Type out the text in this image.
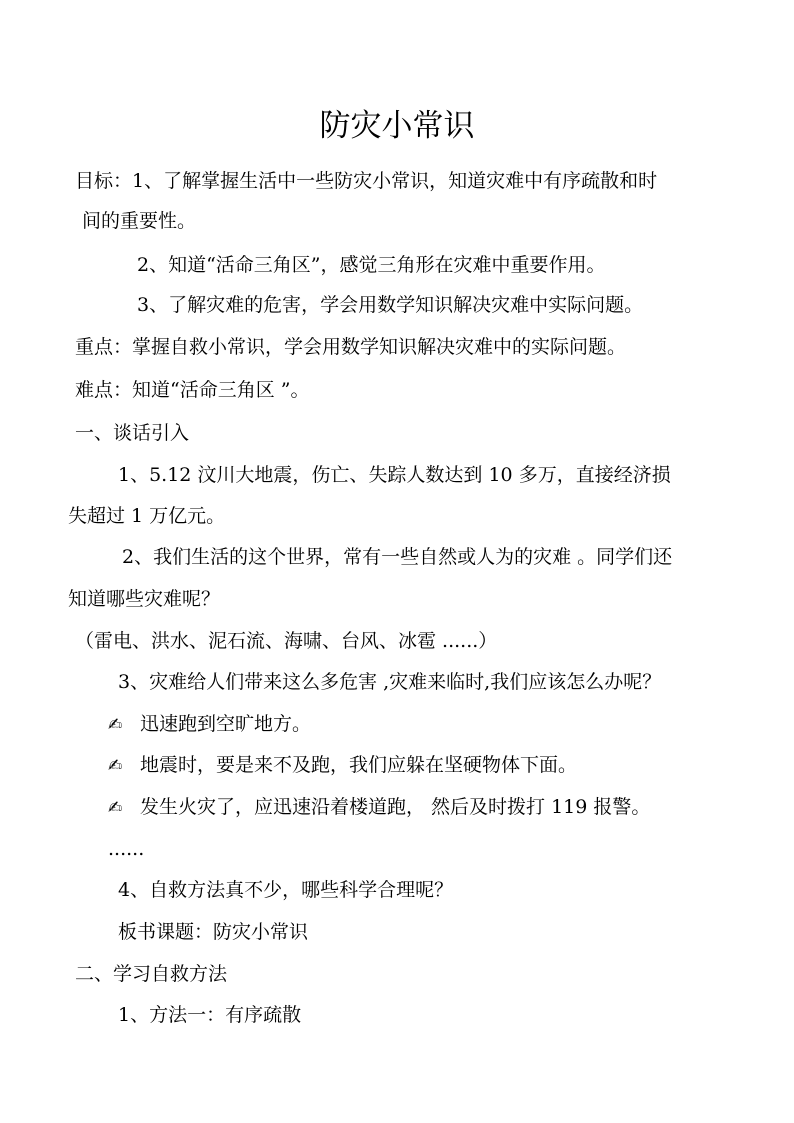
防灾小常识
目标：1、了解掌握生活中一些防灾小常识，知道灾难中有序疏散和时
间的重要性。
2、知道“活命三角区”，感觉三角形在灾难中重要作用。
3、了解灾难的危害，学会用数学知识解决灾难中实际问题。
重点：掌握自救小常识，学会用数学知识解决灾难中的实际问题。
难点：知道“活命三角区 ”。
一、谈话引入
1、5.12 汶川大地震，伤亡、失踪人数达到 10 多万，直接经济损
失超过 1 万亿元。
2、我们生活的这个世界，常有一些自然或人为的灾难 。同学们还
知道哪些灾难呢？
（雷电、洪水、泥石流、海啸、台风、冰雹 ......）
3、灾难给人们带来这么多危害 ,灾难来临时,我们应该怎么办呢？
✍ 迅速跑到空旷地方。
✍ 地震时，要是来不及跑，我们应躲在坚硬物体下面。
✍ 发生火灾了，应迅速沿着楼道跑， 然后及时拨打 119 报警。
......
4、自救方法真不少，哪些科学合理呢？
板书课题：防灾小常识
二、学习自救方法
1、方法一：有序疏散
